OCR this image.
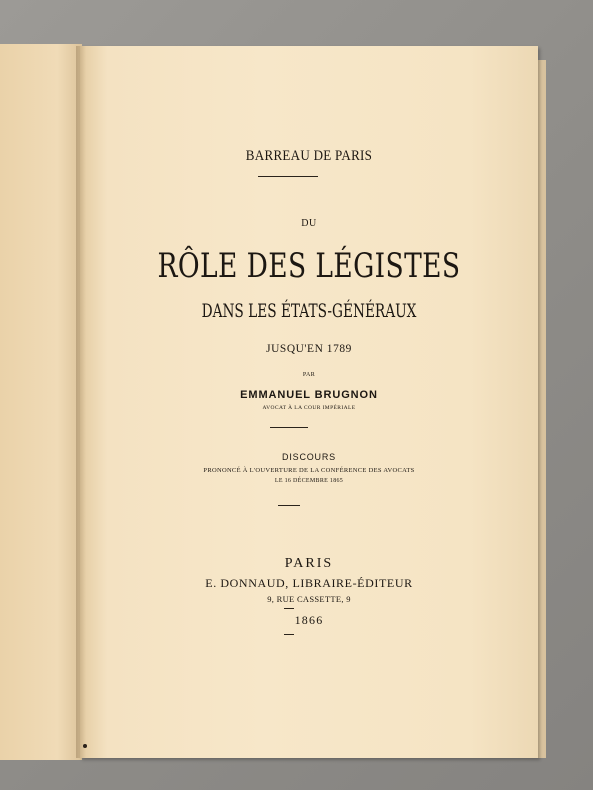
BARREAU DE PARIS
DU
RÔLE DES LÉGISTES
DANS LES ÉTATS-GÉNÉRAUX
JUSQU'EN 1789
PAR
EMMANUEL BRUGNON
AVOCAT À LA COUR IMPÉRIALE
DISCOURS
PRONONCÉ À L'OUVERTURE DE LA CONFÉRENCE DES AVOCATS
LE 16 DÉCEMBRE 1865
PARIS
E. DONNAUD, LIBRAIRE-ÉDITEUR
9, RUE CASSETTE, 9
1866
